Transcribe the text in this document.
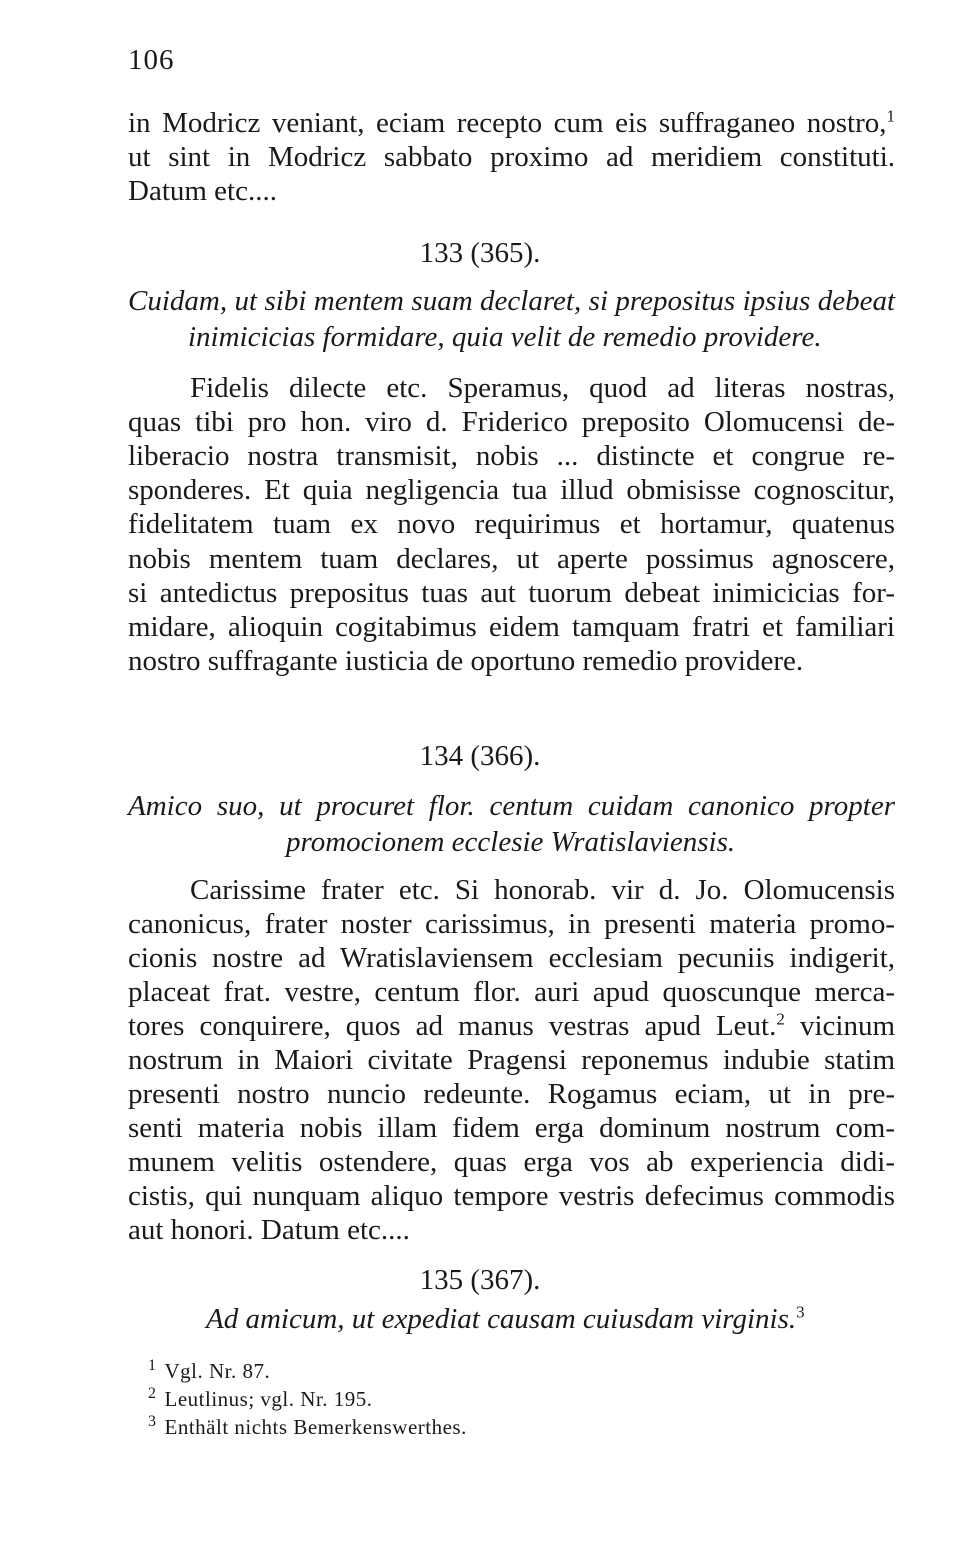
106
in Modricz veniant, eciam recepto cum eis suffraganeo nostro,$^1$
ut sint in Modricz sabbato proximo ad meridiem constituti.
Datum etc....
133 (365).
Cuidam, ut sibi mentem suam declaret, si prepositus ipsius debeat
inimicicias formidare, quia velit de remedio providere.
Fidelis dilecte etc. Speramus, quod ad literas nostras,
quas tibi pro hon. viro d. Friderico preposito Olomucensi de-
liberacio nostra transmisit, nobis ... distincte et congrue re-
sponderes. Et quia negligencia tua illud obmisisse cognoscitur,
fidelitatem tuam ex novo requirimus et hortamur, quatenus
nobis mentem tuam declares, ut aperte possimus agnoscere,
si antedictus prepositus tuas aut tuorum debeat inimicicias for-
midare, alioquin cogitabimus eidem tamquam fratri et familiari
nostro suffragante iusticia de oportuno remedio providere.
134 (366).
Amico suo, ut procuret flor. centum cuidam canonico propter
promocionem ecclesie Wratislaviensis.
Carissime frater etc. Si honorab. vir d. Jo. Olomucensis
canonicus, frater noster carissimus, in presenti materia promo-
cionis nostre ad Wratislaviensem ecclesiam pecuniis indigerit,
placeat frat. vestre, centum flor. auri apud quoscunque merca-
tores conquirere, quos ad manus vestras apud Leut.$^2$ vicinum
nostrum in Maiori civitate Pragensi reponemus indubie statim
presenti nostro nuncio redeunte. Rogamus eciam, ut in pre-
senti materia nobis illam fidem erga dominum nostrum com-
munem velitis ostendere, quas erga vos ab experiencia didi-
cistis, qui nunquam aliquo tempore vestris defecimus commodis
aut honori. Datum etc....
135 (367).
Ad amicum, ut expediat causam cuiusdam virginis.$^3$
$^1$ Vgl. Nr. 87.
$^2$ Leutlinus; vgl. Nr. 195.
$^3$ Enthält nichts Bemerkenswerthes.
